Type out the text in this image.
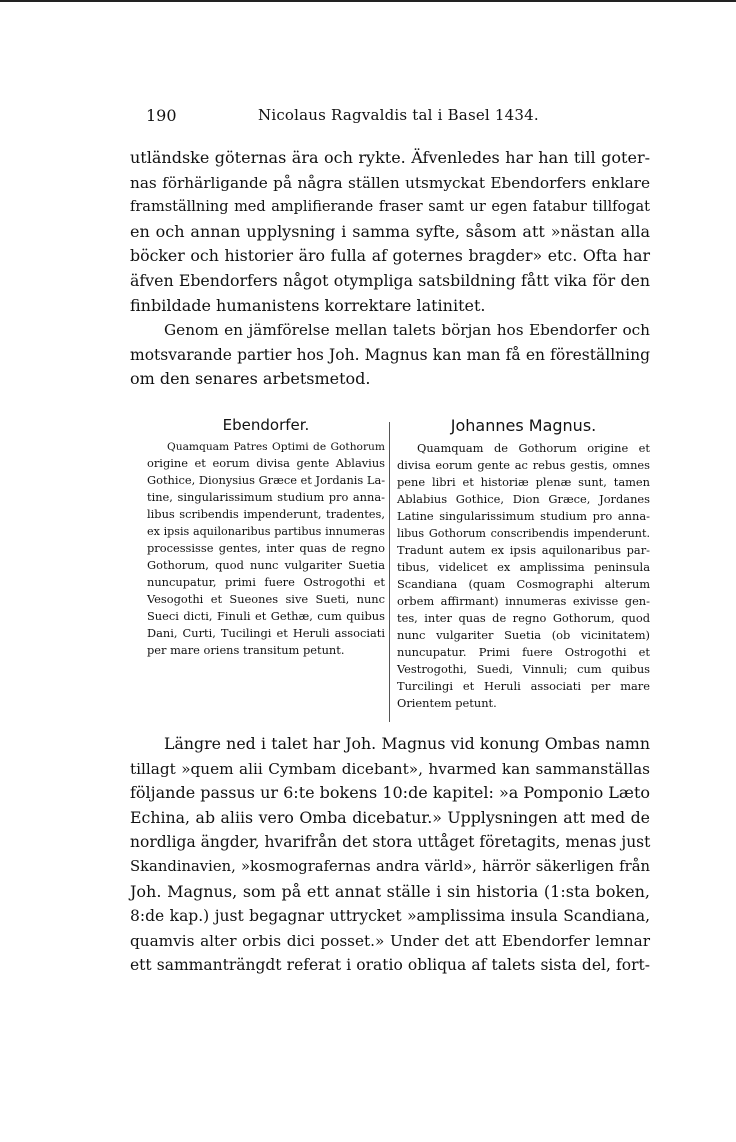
190	Nicolaus Ragvaldis tal i Basel 1434.
utländske göternas ära och rykte. Äfvenledes har han till goter-
nas förhärligande på några ställen utsmyckat Ebendorfers enklare
framställning med amplifierande fraser samt ur egen fatabur tillfogat
en och annan upplysning i samma syfte, såsom att »nästan alla
böcker och historier äro fulla af goternes bragder» etc. Ofta har
äfven Ebendorfers något otympliga satsbildning fått vika för den
finbildade humanistens korrektare latinitet.
Genom en jämförelse mellan talets början hos Ebendorfer och
motsvarande partier hos Joh. Magnus kan man få en föreställning
om den senares arbetsmetod.
Ebendorfer.
Quamquam Patres Optimi de Gothorum
origine et eorum divisa gente Ablavius
Gothice, Dionysius Græce et Jordanis La-
tine, singularissimum studium pro anna-
libus scribendis impenderunt, tradentes,
ex ipsis aquilonaribus partibus innumeras
processisse gentes, inter quas de regno
Gothorum, quod nunc vulgariter Suetia
nuncupatur, primi fuere Ostrogothi et
Vesogothi et Sueones sive Sueti, nunc
Sueci dicti, Finuli et Gethæ, cum quibus
Dani, Curti, Tucilingi et Heruli associati
per mare oriens transitum petunt.
Johannes Magnus.
Quamquam de Gothorum origine et
divisa eorum gente ac rebus gestis, omnes
pene libri et historiæ plenæ sunt, tamen
Ablabius Gothice, Dion Græce, Jordanes
Latine singularissimum studium pro anna-
libus Gothorum conscribendis impenderunt.
Tradunt autem ex ipsis aquilonaribus par-
tibus, videlicet ex amplissima peninsula
Scandiana (quam Cosmographi alterum
orbem affirmant) innumeras exivisse gen-
tes, inter quas de regno Gothorum, quod
nunc vulgariter Suetia (ob vicinitatem)
nuncupatur. Primi fuere Ostrogothi et
Vestrogothi, Suedi, Vinnuli; cum quibus
Turcilingi et Heruli associati per mare
Orientem petunt.
Längre ned i talet har Joh. Magnus vid konung Ombas namn
tillagt »quem alii Cymbam dicebant», hvarmed kan sammanställas
följande passus ur 6:te bokens 10:de kapitel: »a Pomponio Læto
Echina, ab aliis vero Omba dicebatur.» Upplysningen att med de
nordliga ängder, hvarifrån det stora uttåget företagits, menas just
Skandinavien, »kosmografernas andra värld», härrör säkerligen från
Joh. Magnus, som på ett annat ställe i sin historia (1:sta boken,
8:de kap.) just begagnar uttrycket »amplissima insula Scandiana,
quamvis alter orbis dici posset.» Under det att Ebendorfer lemnar
ett sammanträngdt referat i oratio obliqua af talets sista del, fort-
